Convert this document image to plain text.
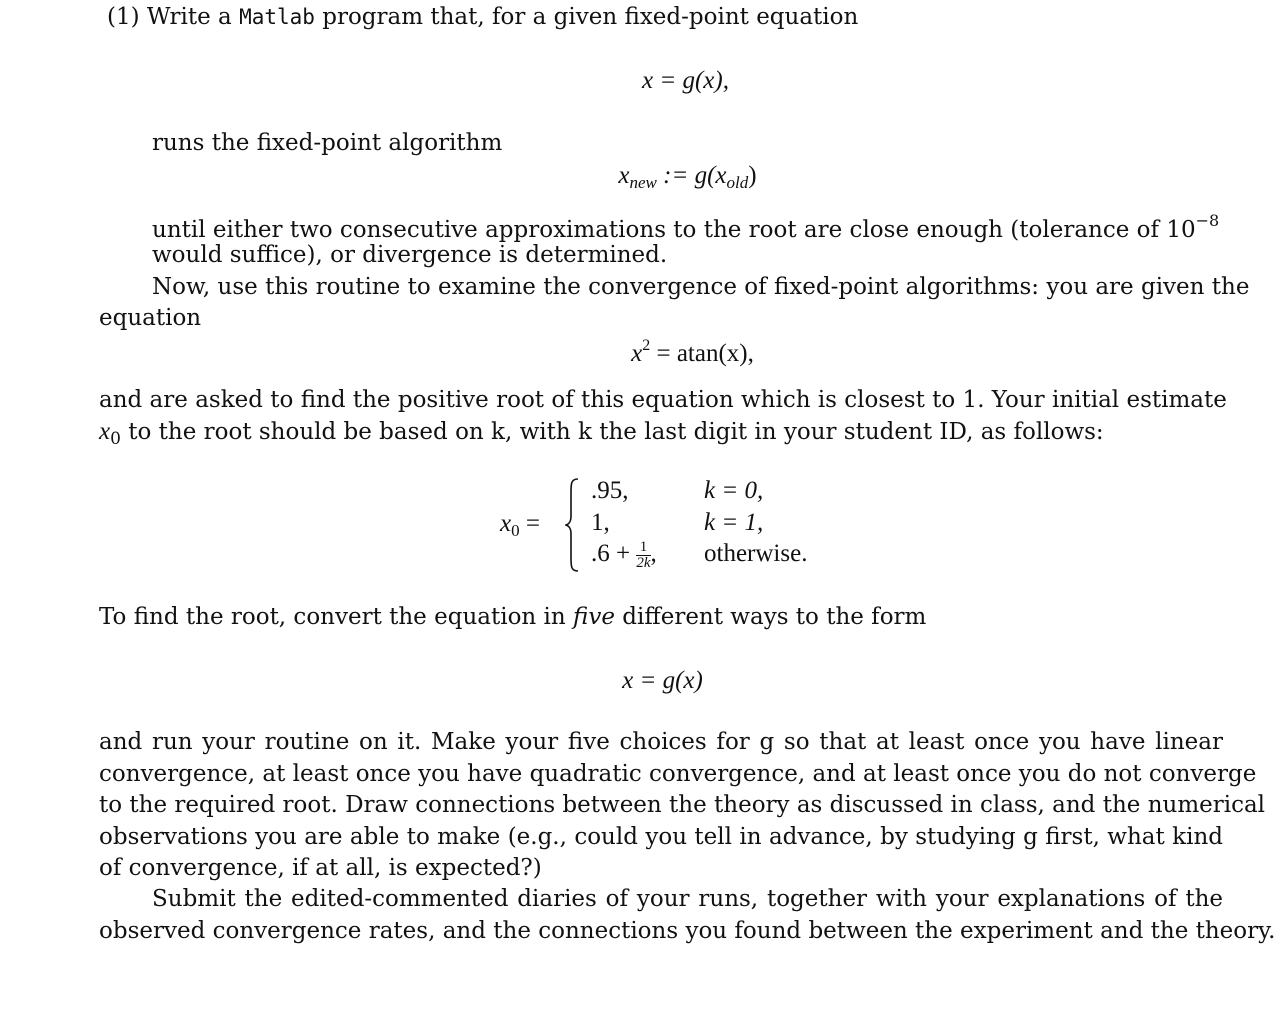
(1) Write a Matlab program that, for a given fixed-point equation
x = g(x),
runs the fixed-point algorithm
$x_{new}$ := $g(x_{old})$
until either two consecutive approximations to the root are close enough (tolerance of $10^{-8}$
would suffice), or divergence is determined.
Now, use this routine to examine the convergence of fixed-point algorithms: you are given the
equation
$x^2 = atan(x)$,
and are asked to find the positive root of this equation which is closest to 1. Your initial estimate
$x_0$ to the root should be based on k, with k the last digit in your student ID, as follows:
$x_0$ =
.95,	k = 0,
1,	k = 1,
$.6 + \frac{1}{2k}$ , otherwise.
To find the root, convert the equation in five different ways to the form
x = g(x)
and run your routine on it. Make your five choices for g so that at least once you have linear
convergence, at least once you have quadratic convergence, and at least once you do not converge
to the required root. Draw connections between the theory as discussed in class, and the numerical
observations you are able to make (e.g., could you tell in advance, by studying g first, what kind
of convergence, if at all, is expected?)
Submit the edited-commented diaries of your runs, together with your explanations of the
observed convergence rates, and the connections you found between the experiment and the theory.
